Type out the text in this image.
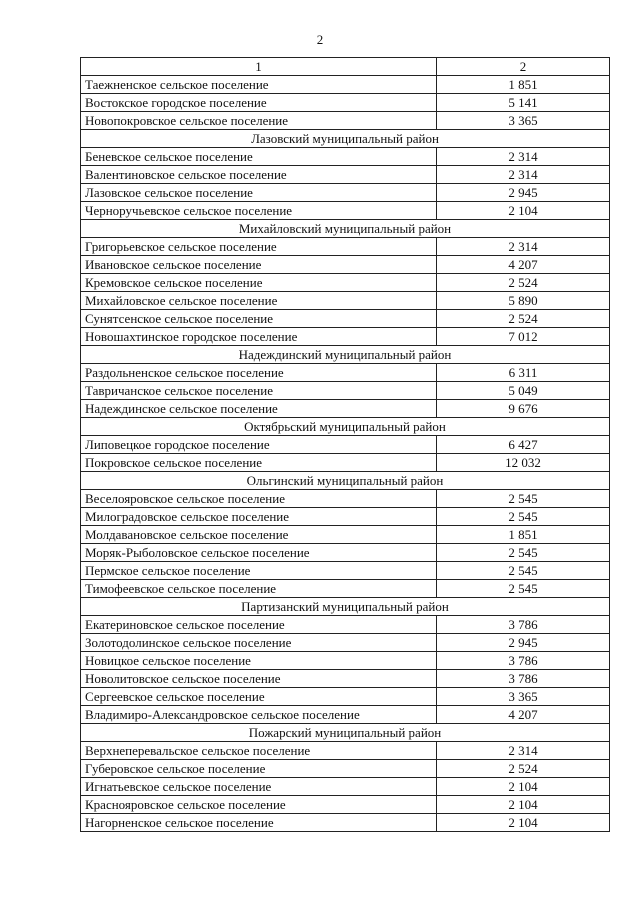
2
1	2
Таежненское сельское поселение	1 851
Востокское городское поселение	5 141
Новопокровское сельское поселение	3 365
Лазовский муниципальный район	
Беневское сельское поселение	2 314
Валентиновское сельское поселение	2 314
Лазовское сельское поселение	2 945
Черноручьевское сельское поселение	2 104
Михайловский муниципальный район	
Григорьевское сельское поселение	2 314
Ивановское сельское поселение	4 207
Кремовское сельское поселение	2 524
Михайловское сельское поселение	5 890
Сунятсенское сельское поселение	2 524
Новошахтинское городское поселение	7 012
Надеждинский муниципальный район	
Раздольненское сельское поселение	6 311
Тавричанское сельское поселение	5 049
Надеждинское сельское поселение	9 676
Октябрьский муниципальный район	
Липовецкое городское поселение	6 427
Покровское сельское поселение	12 032
Ольгинский муниципальный район	
Веселояровское сельское поселение	2 545
Милоградовское сельское поселение	2 545
Молдавановское сельское поселение	1 851
Моряк-Рыболовское сельское поселение	2 545
Пермское сельское поселение	2 545
Тимофеевское сельское поселение	2 545
Партизанский муниципальный район	
Екатериновское сельское поселение	3 786
Золотодолинское сельское поселение	2 945
Новицкое сельское поселение	3 786
Новолитовское сельское поселение	3 786
Сергеевское сельское поселение	3 365
Владимиро-Александровское сельское поселение	4 207
Пожарский муниципальный район	
Верхнеперевальское сельское поселение	2 314
Губеровское сельское поселение	2 524
Игнатьевское сельское поселение	2 104
Краснояровское сельское поселение	2 104
Нагорненское сельское поселение	2 104
